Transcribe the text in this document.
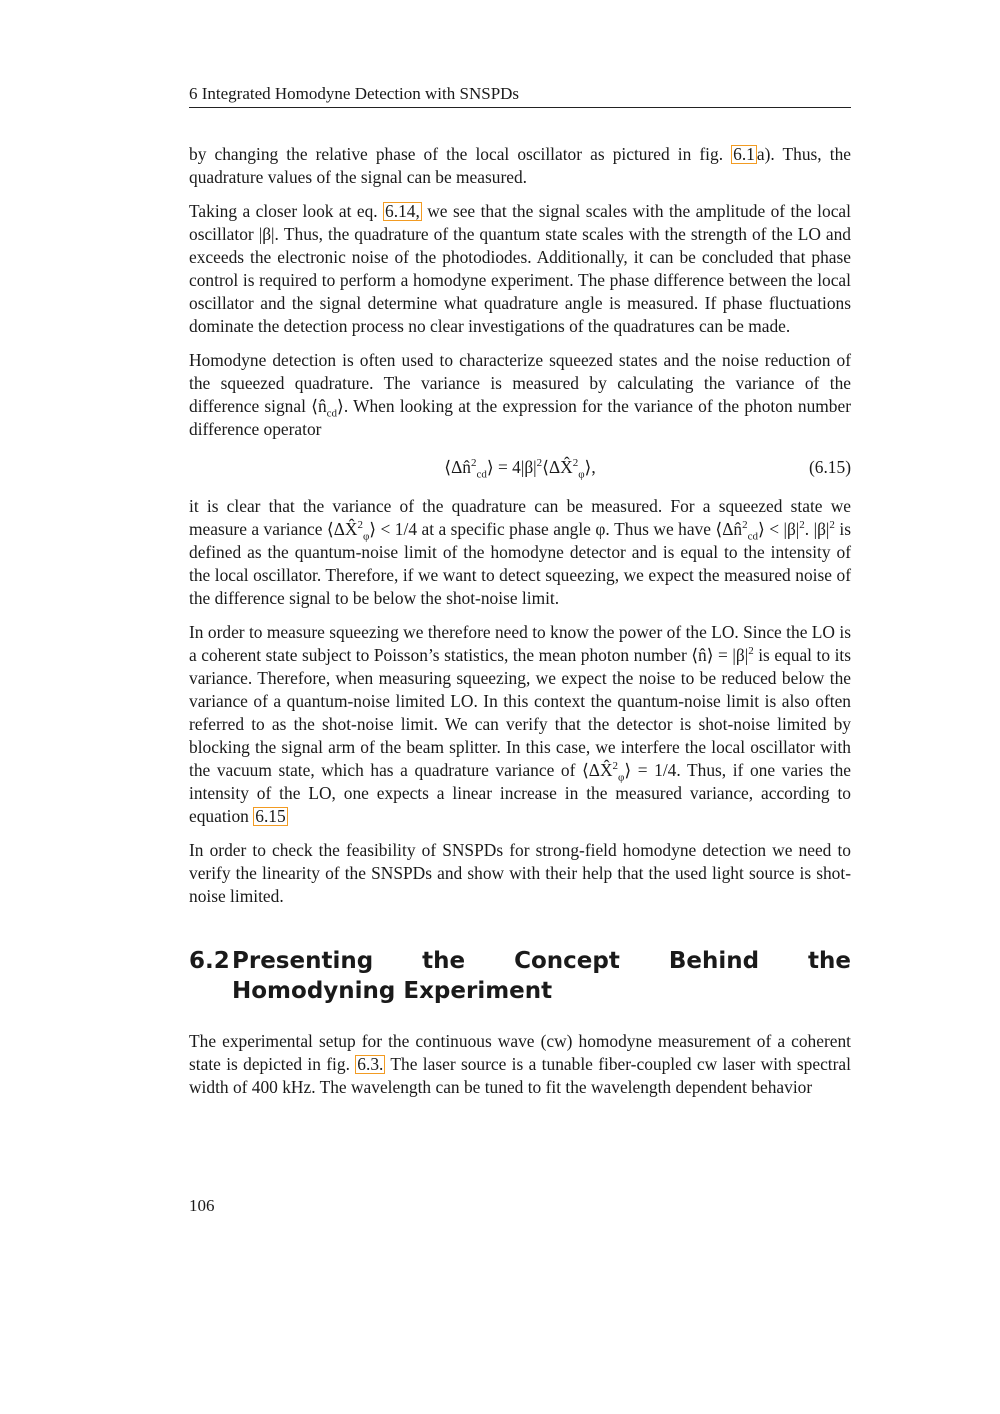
6 Integrated Homodyne Detection with SNSPDs

by changing the relative phase of the local oscillator as pictured in fig. 6.1 a). Thus, the quadrature values of the signal can be measured.

Taking a closer look at eq. 6.14, we see that the signal scales with the amplitude of the local oscillator |β|. Thus, the quadrature of the quantum state scales with the strength of the LO and exceeds the electronic noise of the photodiodes. Additionally, it can be concluded that phase control is required to perform a homodyne experiment. The phase difference between the local oscillator and the signal determine what quadrature angle is measured. If phase fluctuations dominate the detection process no clear investigations of the quadratures can be made.

Homodyne detection is often used to characterize squeezed states and the noise reduction of the squeezed quadrature. The variance is measured by calculating the variance of the difference signal $⟨n̂_{cd}⟩$. When looking at the expression for the variance of the photon number difference operator

⟨Δn̂$^2_{cd}$⟩ = $4|\beta|^2⟨\Delta X̂^2_\varphi⟩$,	(6.15)

it is clear that the variance of the quadrature can be measured. For a squeezed state we measure a variance ⟨ΔX̂$^2_\varphi$⟩ < 1/4 at a specific phase angle φ. Thus we have ⟨Δn̂$^2_{cd}$⟩ < $|\beta|^2$. $|\beta|^2$ is defined as the quantum-noise limit of the homodyne detector and is equal to the intensity of the local oscillator. Therefore, if we want to detect squeezing, we expect the measured noise of the difference signal to be below the shot-noise limit.

In order to measure squeezing we therefore need to know the power of the LO. Since the LO is a coherent state subject to Poisson’s statistics, the mean photon number ⟨n̂⟩ = $|\beta|^2$ is equal to its variance. Therefore, when measuring squeezing, we expect the noise to be reduced below the variance of a quantum-noise limited LO. In this context the quantum-noise limit is also often referred to as the shot-noise limit. We can verify that the detector is shot-noise limited by blocking the signal arm of the beam splitter. In this case, we interfere the local oscillator with the vacuum state, which has a quadrature variance of ⟨ΔX̂$^2_\varphi$⟩ = 1/4. Thus, if one varies the intensity of the LO, one expects a linear increase in the measured variance, according to equation 6.15

In order to check the feasibility of SNSPDs for strong-field homodyne detection we need to verify the linearity of the SNSPDs and show with their help that the used light source is shot-noise limited.

6.2 Presenting the Concept Behind the Homodyning Experiment

The experimental setup for the continuous wave (cw) homodyne measurement of a coherent state is depicted in fig. 6.3. The laser source is a tunable fiber-coupled cw laser with spectral width of 400 kHz. The wavelength can be tuned to fit the wavelength dependent behavior

106
